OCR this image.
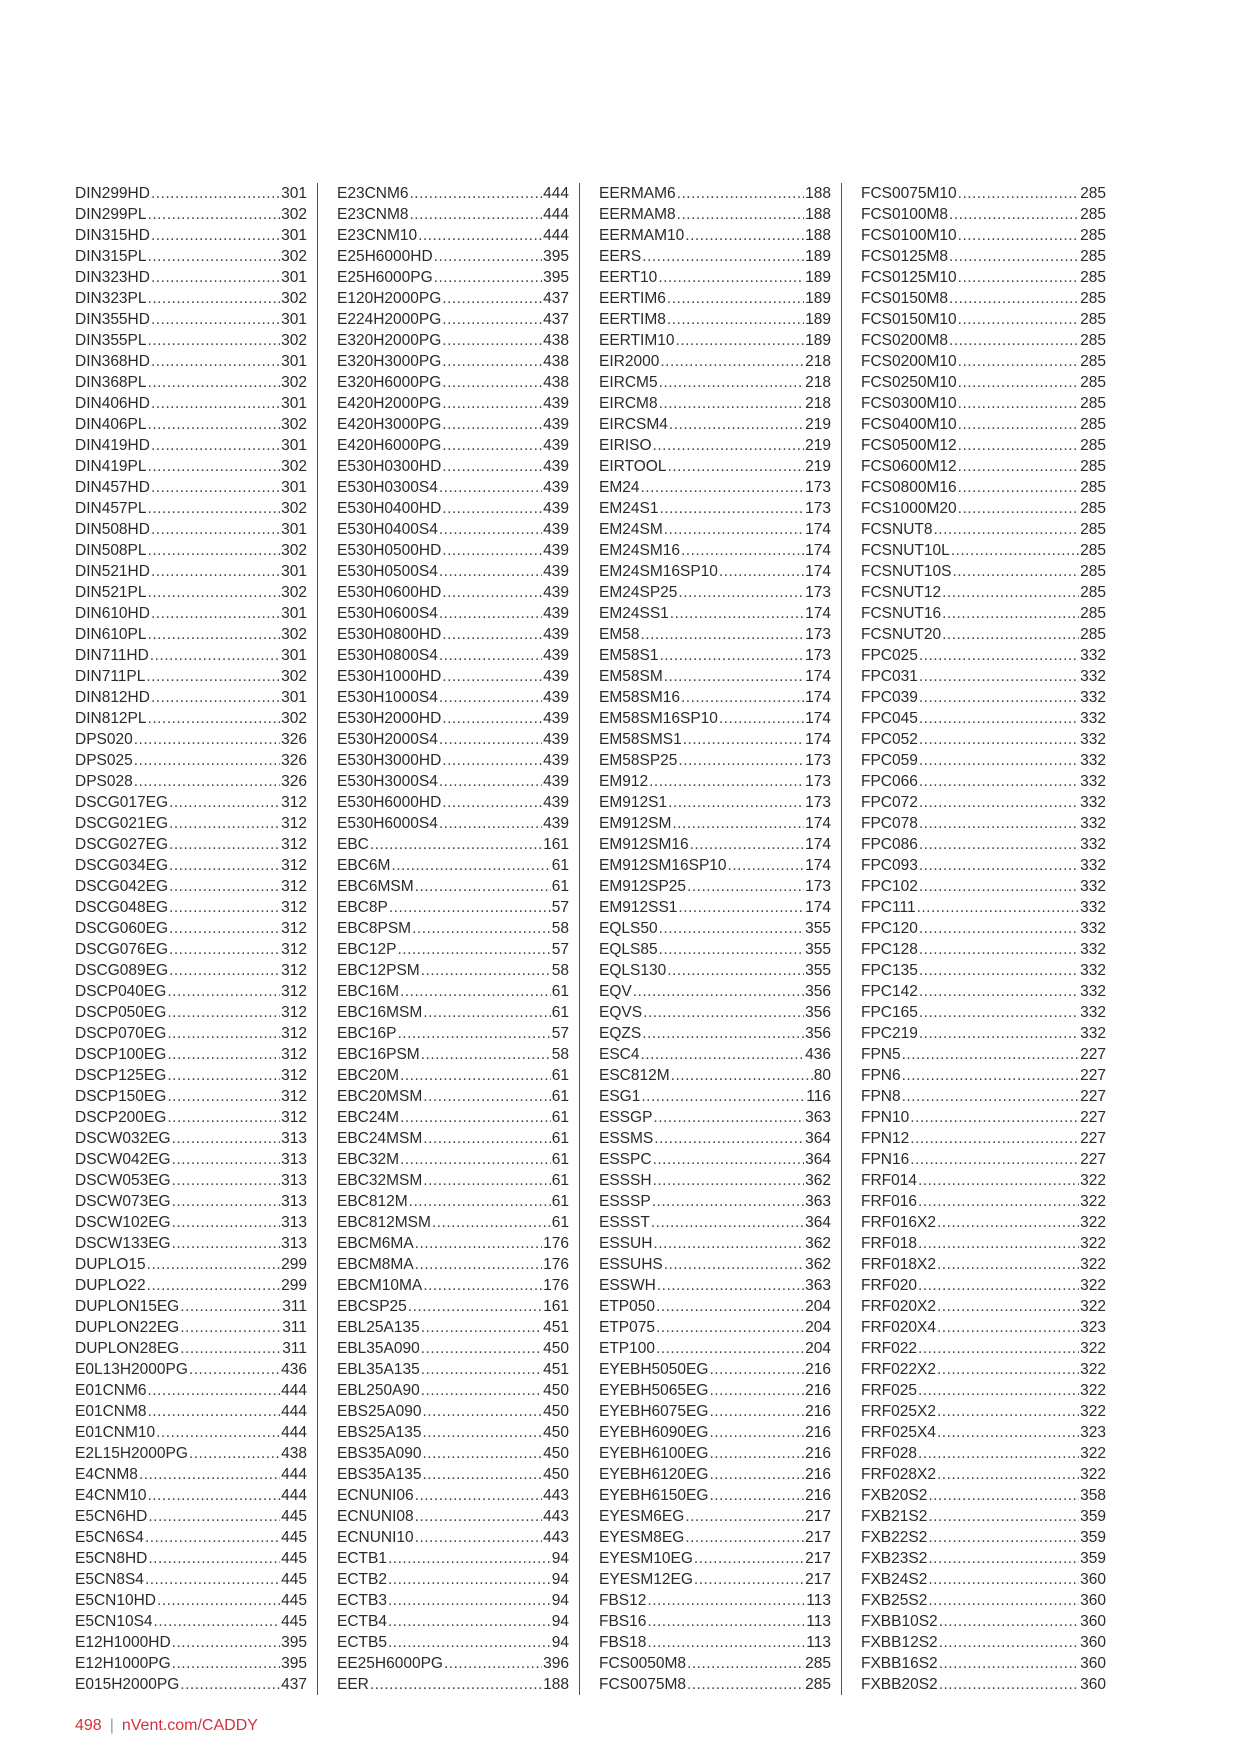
DIN299HD .....	301
DIN299PL .....	302
DIN315HD .....	301
DIN315PL .....	302
DIN323HD .....	301
DIN323PL .....	302
DIN355HD .....	301
DIN355PL .....	302
DIN368HD .....	301
DIN368PL .....	302
DIN406HD .....	301
DIN406PL .....	302
DIN419HD .....	301
DIN419PL .....	302
DIN457HD .....	301
DIN457PL .....	302
DIN508HD .....	301
DIN508PL .....	302
DIN521HD .....	301
DIN521PL .....	302
DIN610HD .....	301
DIN610PL .....	302
DIN711HD .....	301
DIN711PL .....	302
DIN812HD .....	301
DIN812PL .....	302
DPS020 .....	326
DPS025 .....	326
DPS028 .....	326
DSCG017EG .....	312
DSCG021EG .....	312
DSCG027EG .....	312
DSCG034EG .....	312
DSCG042EG .....	312
DSCG048EG .....	312
DSCG060EG .....	312
DSCG076EG .....	312
DSCG089EG .....	312
DSCP040EG .....	312
DSCP050EG .....	312
DSCP070EG .....	312
DSCP100EG .....	312
DSCP125EG .....	312
DSCP150EG .....	312
DSCP200EG .....	312
DSCW032EG .....	313
DSCW042EG .....	313
DSCW053EG .....	313
DSCW073EG .....	313
DSCW102EG .....	313
DSCW133EG .....	313
DUPLO15 .....	299
DUPLO22 .....	299
DUPLON15EG .....	311
DUPLON22EG .....	311
DUPLON28EG .....	311
E0L13H2000PG .....	436
E01CNM6 .....	444
E01CNM8 .....	444
E01CNM10 .....	444
E2L15H2000PG .....	438
E4CNM8 .....	444
E4CNM10 .....	444
E5CN6HD .....	445
E5CN6S4 .....	445
E5CN8HD .....	445
E5CN8S4 .....	445
E5CN10HD .....	445
E5CN10S4 .....	445
E12H1000HD .....	395
E12H1000PG .....	395
E015H2000PG .....	437
E23CNM6 .....	444
E23CNM8 .....	444
E23CNM10 .....	444
E25H6000HD .....	395
E25H6000PG .....	395
E120H2000PG .....	437
E224H2000PG .....	437
E320H2000PG .....	438
E320H3000PG .....	438
E320H6000PG .....	438
E420H2000PG .....	439
E420H3000PG .....	439
E420H6000PG .....	439
E530H0300HD .....	439
E530H0300S4 .....	439
E530H0400HD .....	439
E530H0400S4 .....	439
E530H0500HD .....	439
E530H0500S4 .....	439
E530H0600HD .....	439
E530H0600S4 .....	439
E530H0800HD .....	439
E530H0800S4 .....	439
E530H1000HD .....	439
E530H1000S4 .....	439
E530H2000HD .....	439
E530H2000S4 .....	439
E530H3000HD .....	439
E530H3000S4 .....	439
E530H6000HD .....	439
E530H6000S4 .....	439
EBC .....	161
EBC6M .....	61
EBC6MSM .....	61
EBC8P .....	57
EBC8PSM .....	58
EBC12P .....	57
EBC12PSM .....	58
EBC16M .....	61
EBC16MSM .....	61
EBC16P .....	57
EBC16PSM .....	58
EBC20M .....	61
EBC20MSM .....	61
EBC24M .....	61
EBC24MSM .....	61
EBC32M .....	61
EBC32MSM .....	61
EBC812M .....	61
EBC812MSM .....	61
EBCM6MA .....	176
EBCM8MA .....	176
EBCM10MA .....	176
EBCSP25 .....	161
EBL25A135 .....	451
EBL35A090 .....	450
EBL35A135 .....	451
EBL250A90 .....	450
EBS25A090 .....	450
EBS25A135 .....	450
EBS35A090 .....	450
EBS35A135 .....	450
ECNUNI06 .....	443
ECNUNI08 .....	443
ECNUNI10 .....	443
ECTB1 .....	94
ECTB2 .....	94
ECTB3 .....	94
ECTB4 .....	94
ECTB5 .....	94
EE25H6000PG .....	396
EER .....	188
EERMAM6 .....	188
EERMAM8 .....	188
EERMAM10 .....	188
EERS .....	189
EERT10 .....	189
EERTIM6 .....	189
EERTIM8 .....	189
EERTIM10 .....	189
EIR2000 .....	218
EIRCM5 .....	218
EIRCM8 .....	218
EIRCSM4 .....	219
EIRISO .....	219
EIRTOOL .....	219
EM24 .....	173
EM24S1 .....	173
EM24SM .....	174
EM24SM16 .....	174
EM24SM16SP10 .....	174
EM24SP25 .....	173
EM24SS1 .....	174
EM58 .....	173
EM58S1 .....	173
EM58SM .....	174
EM58SM16 .....	174
EM58SM16SP10 .....	174
EM58SMS1 .....	174
EM58SP25 .....	173
EM912 .....	173
EM912S1 .....	173
EM912SM .....	174
EM912SM16 .....	174
EM912SM16SP10 .....	174
EM912SP25 .....	173
EM912SS1 .....	174
EQLS50 .....	355
EQLS85 .....	355
EQLS130 .....	355
EQV .....	356
EQVS .....	356
EQZS .....	356
ESC4 .....	436
ESC812M .....	80
ESG1 .....	116
ESSGP .....	363
ESSMS .....	364
ESSPC .....	364
ESSSH .....	362
ESSSP .....	363
ESSST .....	364
ESSUH .....	362
ESSUHS .....	362
ESSWH .....	363
ETP050 .....	204
ETP075 .....	204
ETP100 .....	204
EYEBH5050EG .....	216
EYEBH5065EG .....	216
EYEBH6075EG .....	216
EYEBH6090EG .....	216
EYEBH6100EG .....	216
EYEBH6120EG .....	216
EYEBH6150EG .....	216
EYESM6EG .....	217
EYESM8EG .....	217
EYESM10EG .....	217
EYESM12EG .....	217
FBS12 .....	113
FBS16 .....	113
FBS18 .....	113
FCS0050M8 .....	285
FCS0075M8 .....	285
FCS0075M10 .....	285
FCS0100M8 .....	285
FCS0100M10 .....	285
FCS0125M8 .....	285
FCS0125M10 .....	285
FCS0150M8 .....	285
FCS0150M10 .....	285
FCS0200M8 .....	285
FCS0200M10 .....	285
FCS0250M10 .....	285
FCS0300M10 .....	285
FCS0400M10 .....	285
FCS0500M12 .....	285
FCS0600M12 .....	285
FCS0800M16 .....	285
FCS1000M20 .....	285
FCSNUT8 .....	285
FCSNUT10L .....	285
FCSNUT10S .....	285
FCSNUT12 .....	285
FCSNUT16 .....	285
FCSNUT20 .....	285
FPC025 .....	332
FPC031 .....	332
FPC039 .....	332
FPC045 .....	332
FPC052 .....	332
FPC059 .....	332
FPC066 .....	332
FPC072 .....	332
FPC078 .....	332
FPC086 .....	332
FPC093 .....	332
FPC102 .....	332
FPC111 .....	332
FPC120 .....	332
FPC128 .....	332
FPC135 .....	332
FPC142 .....	332
FPC165 .....	332
FPC219 .....	332
FPN5 .....	227
FPN6 .....	227
FPN8 .....	227
FPN10 .....	227
FPN12 .....	227
FPN16 .....	227
FRF014 .....	322
FRF016 .....	322
FRF016X2 .....	322
FRF018 .....	322
FRF018X2 .....	322
FRF020 .....	322
FRF020X2 .....	322
FRF020X4 .....	323
FRF022 .....	322
FRF022X2 .....	322
FRF025 .....	322
FRF025X2 .....	322
FRF025X4 .....	323
FRF028 .....	322
FRF028X2 .....	322
FXB20S2 .....	358
FXB21S2 .....	359
FXB22S2 .....	359
FXB23S2 .....	359
FXB24S2 .....	360
FXB25S2 .....	360
FXBB10S2 .....	360
FXBB12S2 .....	360
FXBB16S2 .....	360
FXBB20S2 .....	360
498 | nVent.com/CADDY
